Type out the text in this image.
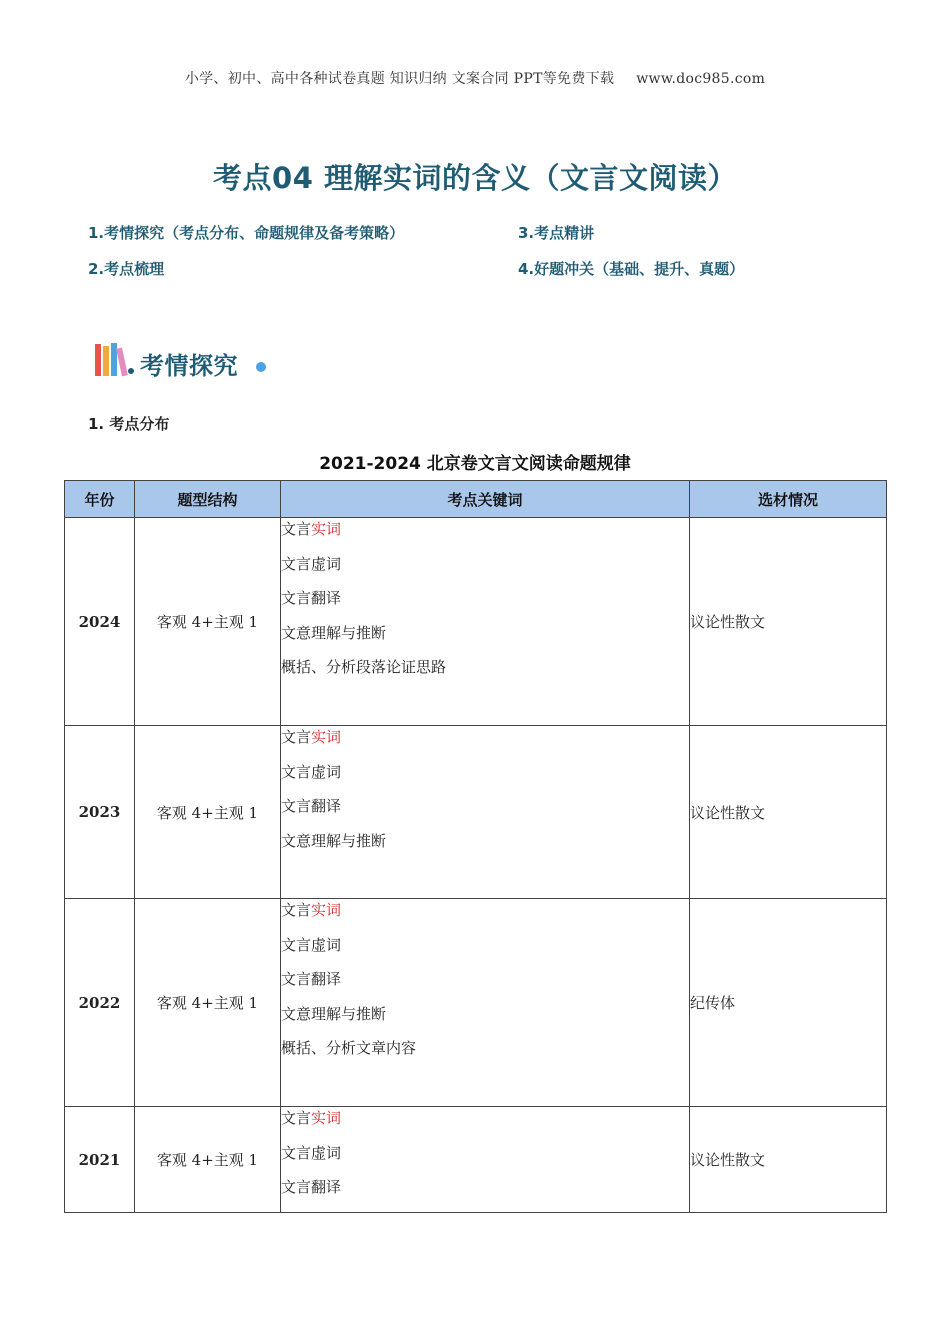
小学、初中、高中各种试卷真题 知识归纳 文案合同 PPT等免费下载 www.doc985.com
考点04 理解实词的含义（文言文阅读）
1.考情探究（考点分布、命题规律及备考策略）	3.考点精讲
2.考点梳理	4.好题冲关（基础、提升、真题）
考情探究
1. 考点分布
2021-2024 北京卷文言文阅读命题规律
年份	题型结构	考点关键词	选材情况
2024	客观 4+主观 1	文言实词
文言虚词
文言翻译
文意理解与推断
概括、分析段落论证思路	议论性散文
2023	客观 4+主观 1	文言实词
文言虚词
文言翻译
文意理解与推断	议论性散文
2022	客观 4+主观 1	文言实词
文言虚词
文言翻译
文意理解与推断
概括、分析文章内容	纪传体
2021	客观 4+主观 1	文言实词
文言虚词
文言翻译	议论性散文
